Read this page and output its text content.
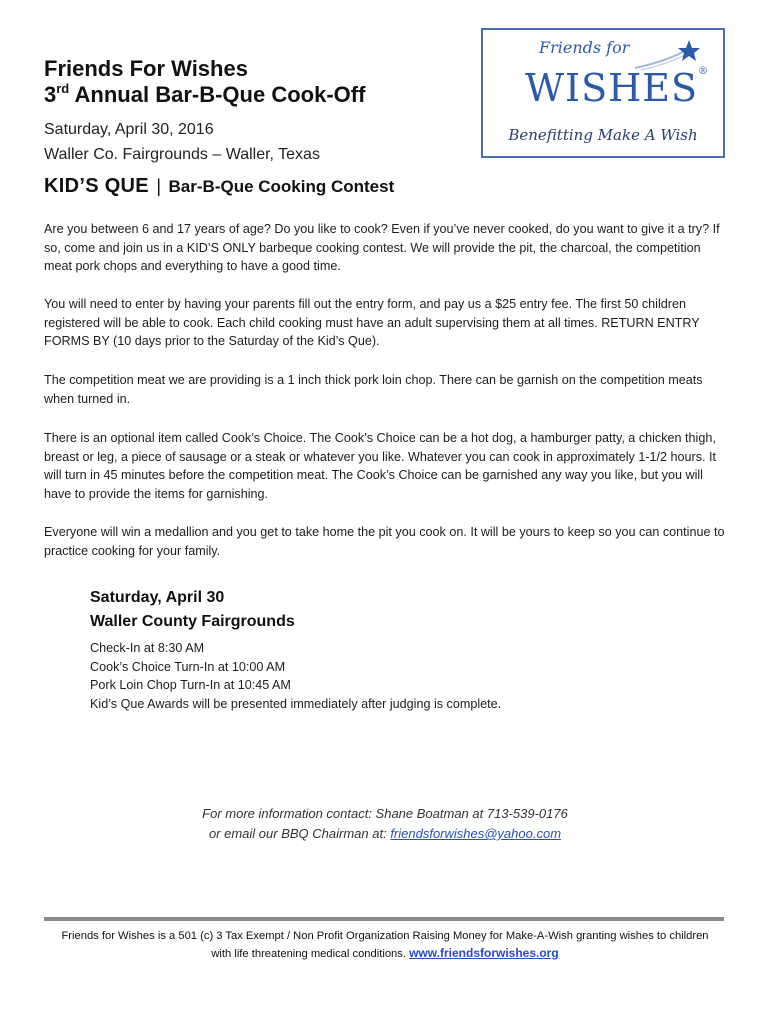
Friends For Wishes
3rd Annual Bar-B-Que Cook-Off
Saturday, April 30, 2016
Waller Co. Fairgrounds – Waller, Texas
Friends for
WISHES®
Benefitting Make A Wish
KID’S QUE | Bar-B-Que Cooking Contest
Are you between 6 and 17 years of age? Do you like to cook? Even if you’ve never cooked, do you want to give it a try? If so, come and join us in a KID’S ONLY barbeque cooking contest. We will provide the pit, the charcoal, the competition meat pork chops and everything to have a good time.
You will need to enter by having your parents fill out the entry form, and pay us a $25 entry fee. The first 50 children registered will be able to cook. Each child cooking must have an adult supervising them at all times. RETURN ENTRY FORMS BY (10 days prior to the Saturday of the Kid’s Que).
The competition meat we are providing is a 1 inch thick pork loin chop. There can be garnish on the competition meats when turned in.
There is an optional item called Cook’s Choice. The Cook’s Choice can be a hot dog, a hamburger patty, a chicken thigh, breast or leg, a piece of sausage or a steak or whatever you like. Whatever you can cook in approximately 1-1/2 hours. It will turn in 45 minutes before the competition meat. The Cook’s Choice can be garnished any way you like, but you will have to provide the items for garnishing.
Everyone will win a medallion and you get to take home the pit you cook on. It will be yours to keep so you can continue to practice cooking for your family.
Saturday, April 30
Waller County Fairgrounds
Check-In at 8:30 AM
Cook’s Choice Turn-In at 10:00 AM
Pork Loin Chop Turn-In at 10:45 AM
Kid’s Que Awards will be presented immediately after judging is complete.
For more information contact: Shane Boatman at 713-539-0176
or email our BBQ Chairman at: friendsforwishes@yahoo.com
Friends for Wishes is a 501 (c) 3 Tax Exempt / Non Profit Organization Raising Money for Make-A-Wish granting wishes to children
with life threatening medical conditions. www.friendsforwishes.org
